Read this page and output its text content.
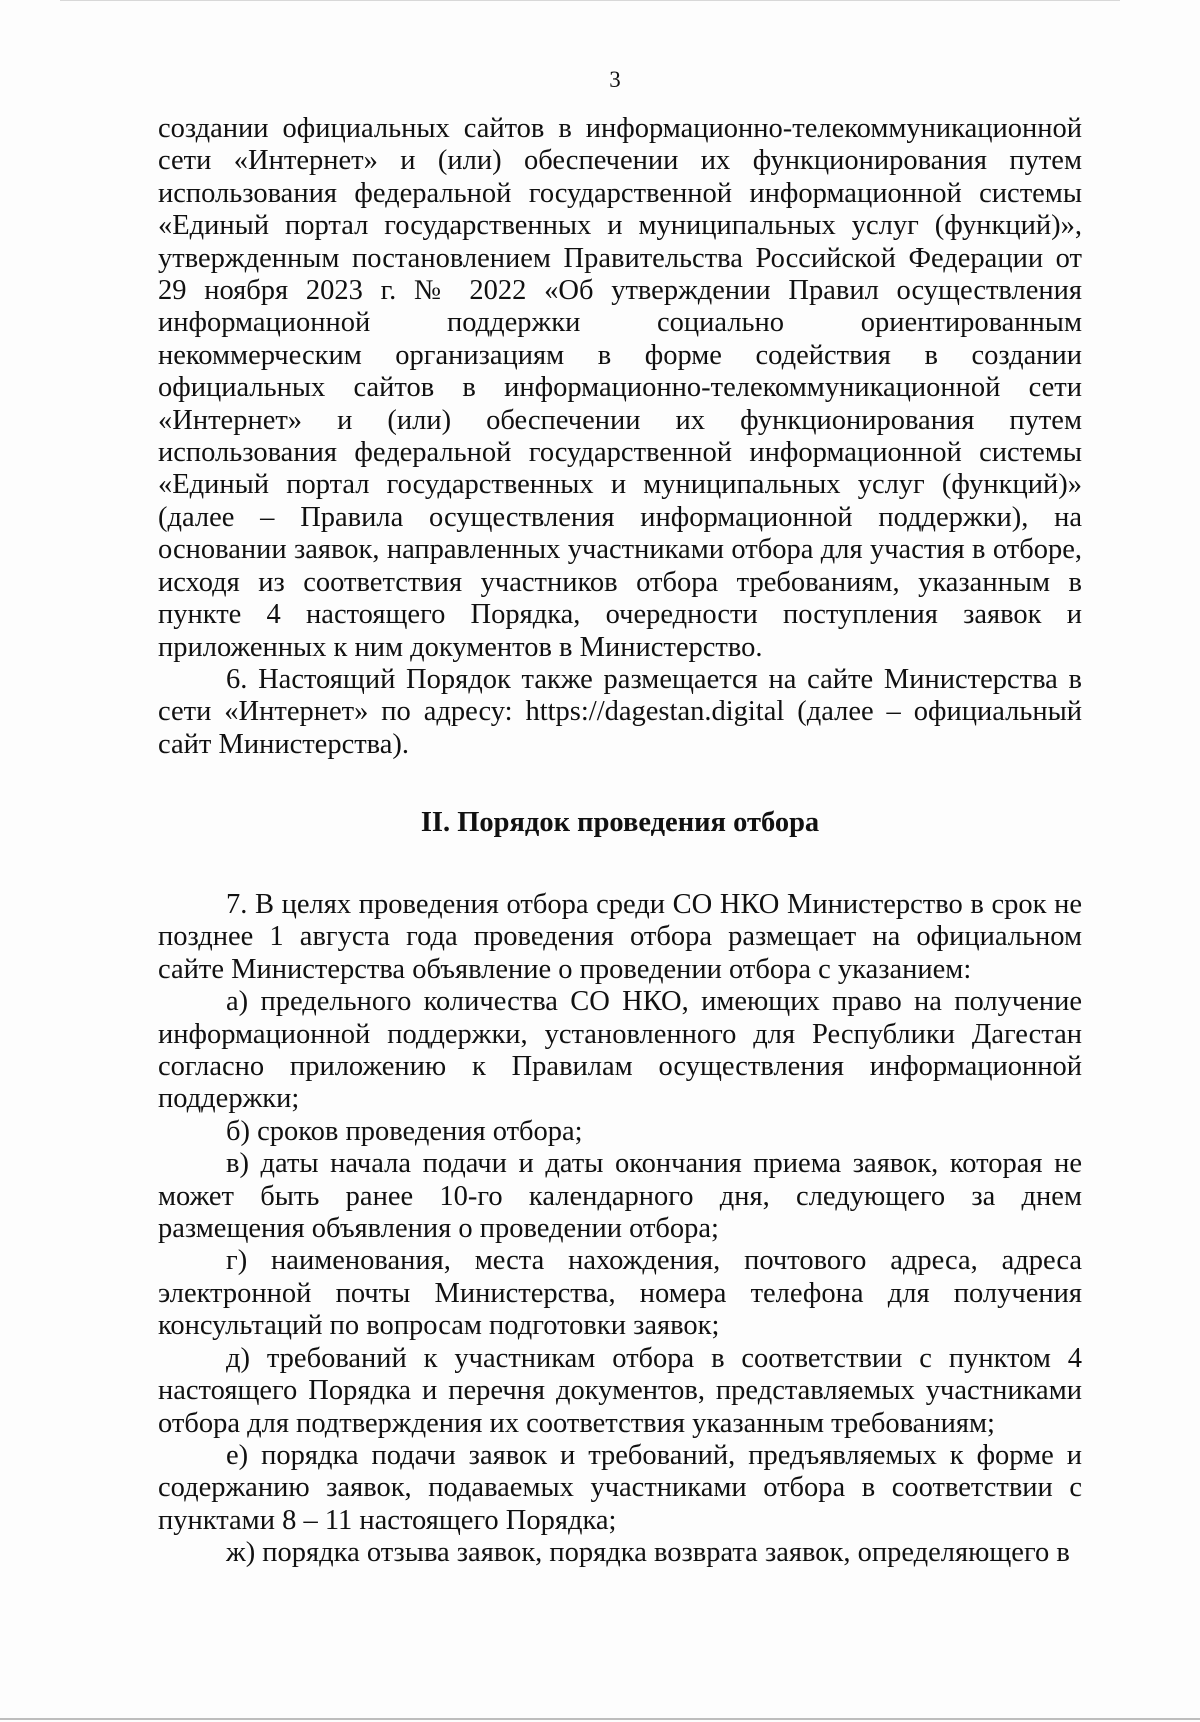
3

создании официальных сайтов в информационно-телекоммуникационной сети «Интернет» и (или) обеспечении их функционирования путем использования федеральной государственной информационной системы «Единый портал государственных и муниципальных услуг (функций)», утвержденным постановлением Правительства Российской Федерации от 29 ноября 2023 г. № 2022 «Об утверждении Правил осуществления информационной поддержки социально ориентированным некоммерческим организациям в форме содействия в создании официальных сайтов в информационно-телекоммуникационной сети «Интернет» и (или) обеспечении их функционирования путем использования федеральной государственной информационной системы «Единый портал государственных и муниципальных услуг (функций)» (далее – Правила осуществления информационной поддержки), на основании заявок, направленных участниками отбора для участия в отборе, исходя из соответствия участников отбора требованиям, указанным в пункте 4 настоящего Порядка, очередности поступления заявок и приложенных к ним документов в Министерство.

6. Настоящий Порядок также размещается на сайте Министерства в сети «Интернет» по адресу: https://dagestan.digital (далее – официальный сайт Министерства).

II. Порядок проведения отбора

7. В целях проведения отбора среди СО НКО Министерство в срок не позднее 1 августа года проведения отбора размещает на официальном сайте Министерства объявление о проведении отбора с указанием:

а) предельного количества СО НКО, имеющих право на получение информационной поддержки, установленного для Республики Дагестан согласно приложению к Правилам осуществления информационной поддержки;

б) сроков проведения отбора;

в) даты начала подачи и даты окончания приема заявок, которая не может быть ранее 10-го календарного дня, следующего за днем размещения объявления о проведении отбора;

г) наименования, места нахождения, почтового адреса, адреса электронной почты Министерства, номера телефона для получения консультаций по вопросам подготовки заявок;

д) требований к участникам отбора в соответствии с пунктом 4 настоящего Порядка и перечня документов, представляемых участниками отбора для подтверждения их соответствия указанным требованиям;

е) порядка подачи заявок и требований, предъявляемых к форме и содержанию заявок, подаваемых участниками отбора в соответствии с пунктами 8 – 11 настоящего Порядка;

ж) порядка отзыва заявок, порядка возврата заявок, определяющего в
